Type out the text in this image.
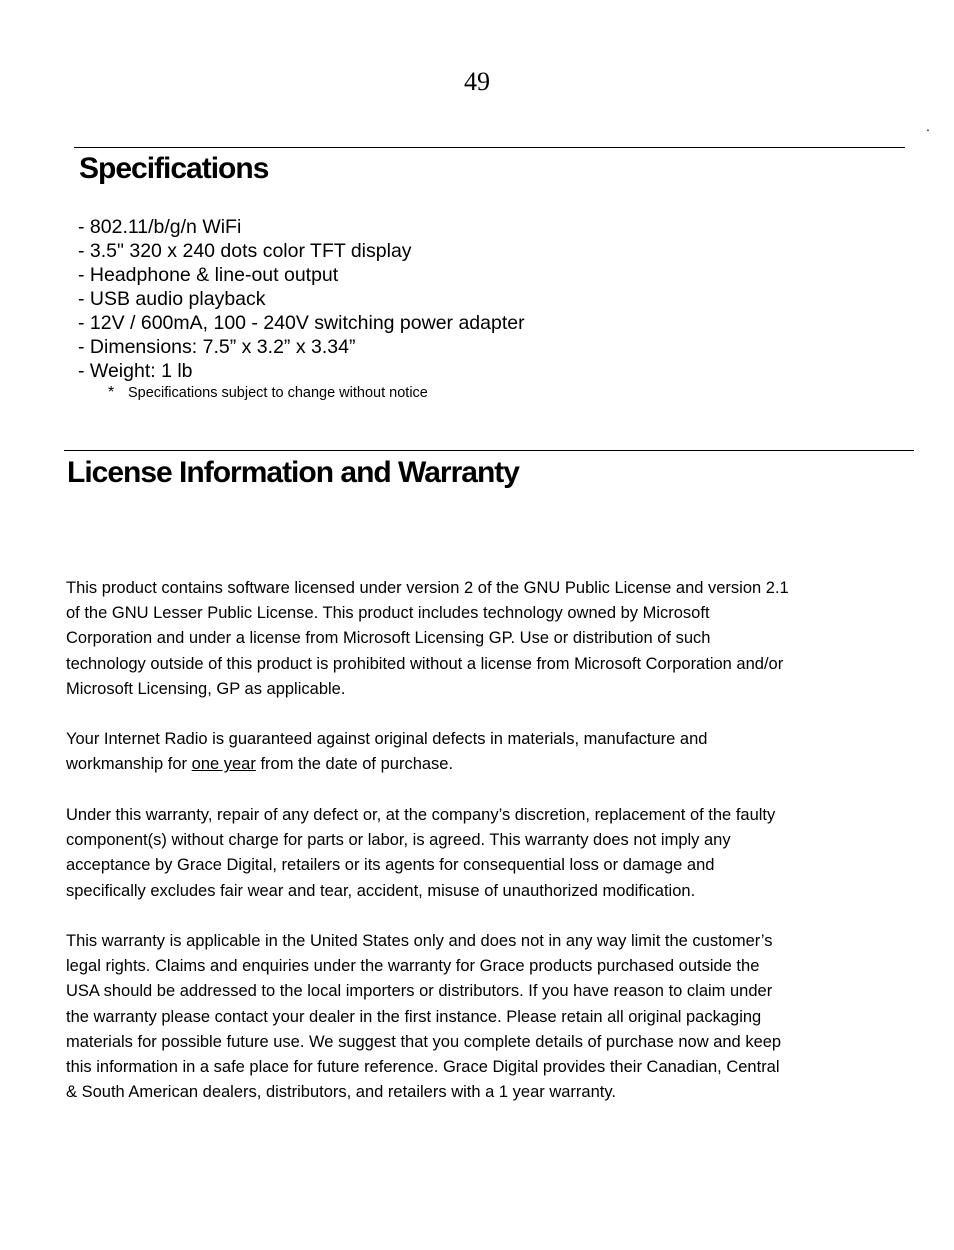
49
.
Specifications
- 802.11/b/g/n WiFi
- 3.5" 320 x 240 dots color TFT display
- Headphone & line-out output
- USB audio playback
- 12V / 600mA, 100 - 240V switching power adapter
- Dimensions: 7.5” x 3.2” x 3.34”
- Weight: 1 lb
* Specifications subject to change without notice
License Information and Warranty

This product contains software licensed under version 2 of the GNU Public License and version 2.1
of the GNU Lesser Public License. This product includes technology owned by Microsoft
Corporation and under a license from Microsoft Licensing GP. Use or distribution of such
technology outside of this product is prohibited without a license from Microsoft Corporation and/or
Microsoft Licensing, GP as applicable.

Your Internet Radio is guaranteed against original defects in materials, manufacture and
workmanship for one year from the date of purchase.

Under this warranty, repair of any defect or, at the company’s discretion, replacement of the faulty
component(s) without charge for parts or labor, is agreed. This warranty does not imply any
acceptance by Grace Digital, retailers or its agents for consequential loss or damage and
specifically excludes fair wear and tear, accident, misuse of unauthorized modification.

This warranty is applicable in the United States only and does not in any way limit the customer’s
legal rights. Claims and enquiries under the warranty for Grace products purchased outside the
USA should be addressed to the local importers or distributors. If you have reason to claim under
the warranty please contact your dealer in the first instance. Please retain all original packaging
materials for possible future use. We suggest that you complete details of purchase now and keep
this information in a safe place for future reference. Grace Digital provides their Canadian, Central
& South American dealers, distributors, and retailers with a 1 year warranty.
